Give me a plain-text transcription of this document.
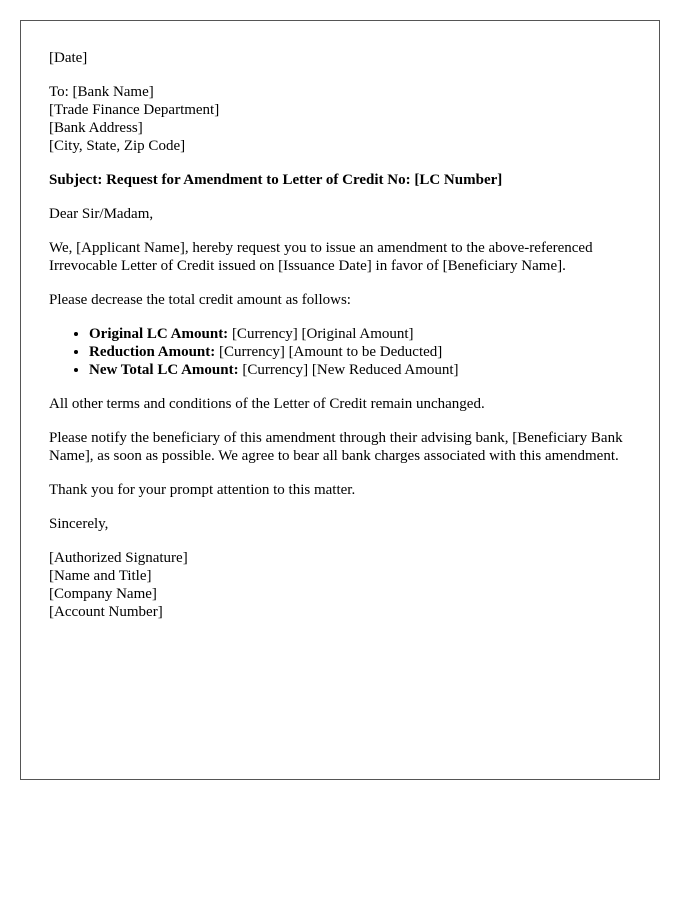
[Date]
To: [Bank Name]
[Trade Finance Department]
[Bank Address]
[City, State, Zip Code]
Subject: Request for Amendment to Letter of Credit No: [LC Number]

Dear Sir/Madam,

We, [Applicant Name], hereby request you to issue an amendment to the above-referenced Irrevocable Letter of Credit issued on [Issuance Date] in favor of [Beneficiary Name].

Please decrease the total credit amount as follows:

• Original LC Amount: [Currency] [Original Amount]
• Reduction Amount: [Currency] [Amount to be Deducted]
• New Total LC Amount: [Currency] [New Reduced Amount]

All other terms and conditions of the Letter of Credit remain unchanged.

Please notify the beneficiary of this amendment through their advising bank, [Beneficiary Bank Name], as soon as possible. We agree to bear all bank charges associated with this amendment.

Thank you for your prompt attention to this matter.

Sincerely,

[Authorized Signature]
[Name and Title]
[Company Name]
[Account Number]
